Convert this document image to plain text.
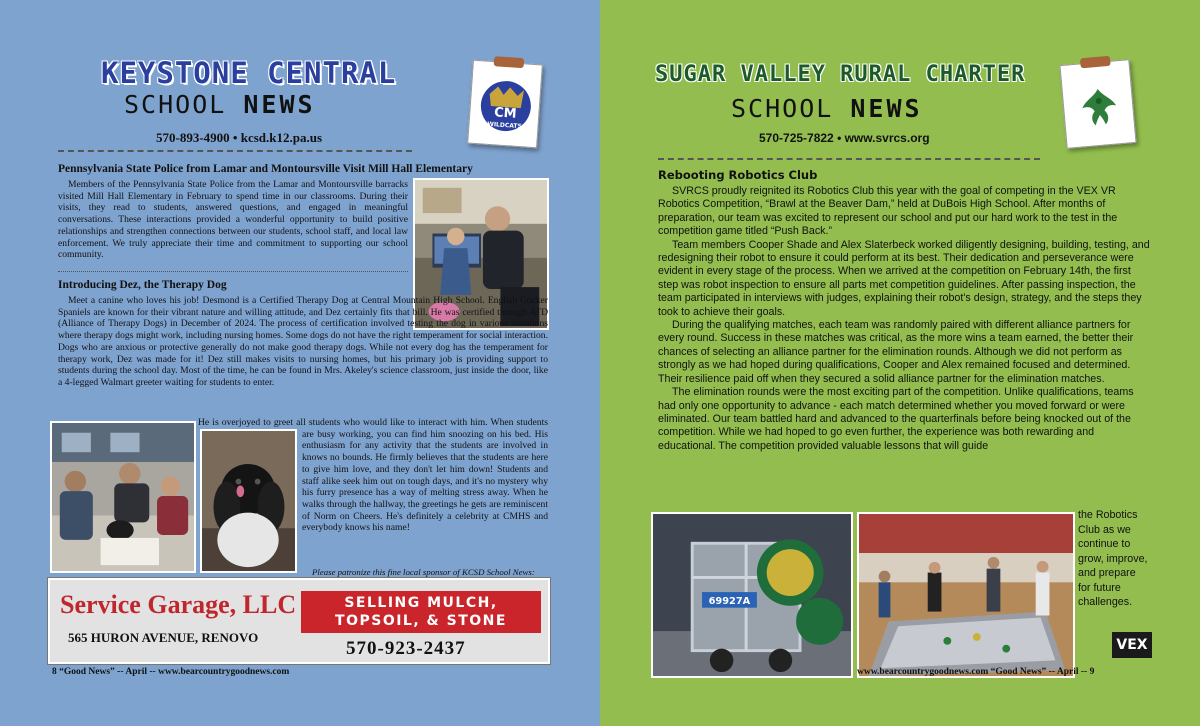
KEYSTONE CENTRAL
SCHOOL NEWS
570-893-4900 • kcsd.k12.pa.us
CM
WILDCATS
Pennsylvania State Police from Lamar and Montoursville Visit Mill Hall Elementary

Members of the Pennsylvania State Police from the Lamar and Montoursville barracks visited Mill Hall Elementary in February to spend time in our classrooms. During their visits, they read to students, answered questions, and engaged in meaningful conversations. These interactions provided a wonderful opportunity to build positive relationships and strengthen connections between our students, school staff, and local law enforcement. We truly appreciate their time and commitment to supporting our school community.

Introducing Dez, the Therapy Dog

Meet a canine who loves his job! Desmond is a Certified Therapy Dog at Central Mountain High School. English Cocker Spaniels are known for their vibrant nature and willing attitude, and Dez certainly fits that bill. He was certified through ATD (Alliance of Therapy Dogs) in December of 2024. The process of certification involved testing the dog in various situations where therapy dogs might work, including nursing homes. Some dogs do not have the right temperament for social interaction. Dogs who are anxious or protective generally do not make good therapy dogs. While not every dog has the temperament for therapy work, Dez was made for it! Dez still makes visits to nursing homes, but his primary job is providing support to students during the school day. Most of the time, he can be found in Mrs. Akeley's science classroom, just inside the door, like a 4-legged Walmart greeter waiting for students to enter.

He is overjoyed to greet all students who would like to interact with him. When students are busy working, you can find him snoozing on his bed. His enthusiasm for any activity that the students are involved in knows no bounds. He firmly believes that the students are here to give him love, and they don't let him down! Students and staff alike seek him out on tough days, and it's no mystery why his furry presence has a way of melting stress away. When he walks through the hallway, the greetings he gets are reminiscent of Norm on Cheers. He's definitely a celebrity at CMHS and everybody knows his name!

Please patronize this fine local sponsor of KCSD School News:
Service Garage, LLC
565 HURON AVENUE, RENOVO
SELLING MULCH,
TOPSOIL, & STONE
570-923-2437
8 “Good News” -- April -- www.bearcountrygoodnews.com
SUGAR VALLEY RURAL CHARTER
SCHOOL NEWS
570-725-7822 • www.svrcs.org
Rebooting Robotics Club

SVRCS proudly reignited its Robotics Club this year with the goal of competing in the VEX VR Robotics Competition, “Brawl at the Beaver Dam,” held at DuBois High School. After months of preparation, our team was excited to represent our school and put our hard work to the test in the competition game titled “Push Back.”

Team members Cooper Shade and Alex Slaterbeck worked diligently designing, building, testing, and redesigning their robot to ensure it could perform at its best. Their dedication and perseverance were evident in every stage of the process. When we arrived at the competition on February 14th, the first step was robot inspection to ensure all parts met competition guidelines. After passing inspection, the team participated in interviews with judges, explaining their robot's design, strategy, and the steps they took to achieve their goals.

During the qualifying matches, each team was randomly paired with different alliance partners for every round. Success in these matches was critical, as the more wins a team earned, the better their chances of selecting an alliance partner for the elimination rounds. Although we did not perform as strongly as we had hoped during qualifications, Cooper and Alex remained focused and determined. Their resilience paid off when they secured a solid alliance partner for the elimination matches.

The elimination rounds were the most exciting part of the competition. Unlike qualifications, teams had only one opportunity to advance - each match determined whether you moved forward or were eliminated. Our team battled hard and advanced to the quarterfinals before being knocked out of the competition. While we had hoped to go even further, the experience was both rewarding and educational. The competition provided valuable lessons that will guide

69927A
the Robotics Club as we continue to grow, improve, and prepare for future challenges.
VEX
www.bearcountrygoodnews.com “Good News” -- April -- 9
